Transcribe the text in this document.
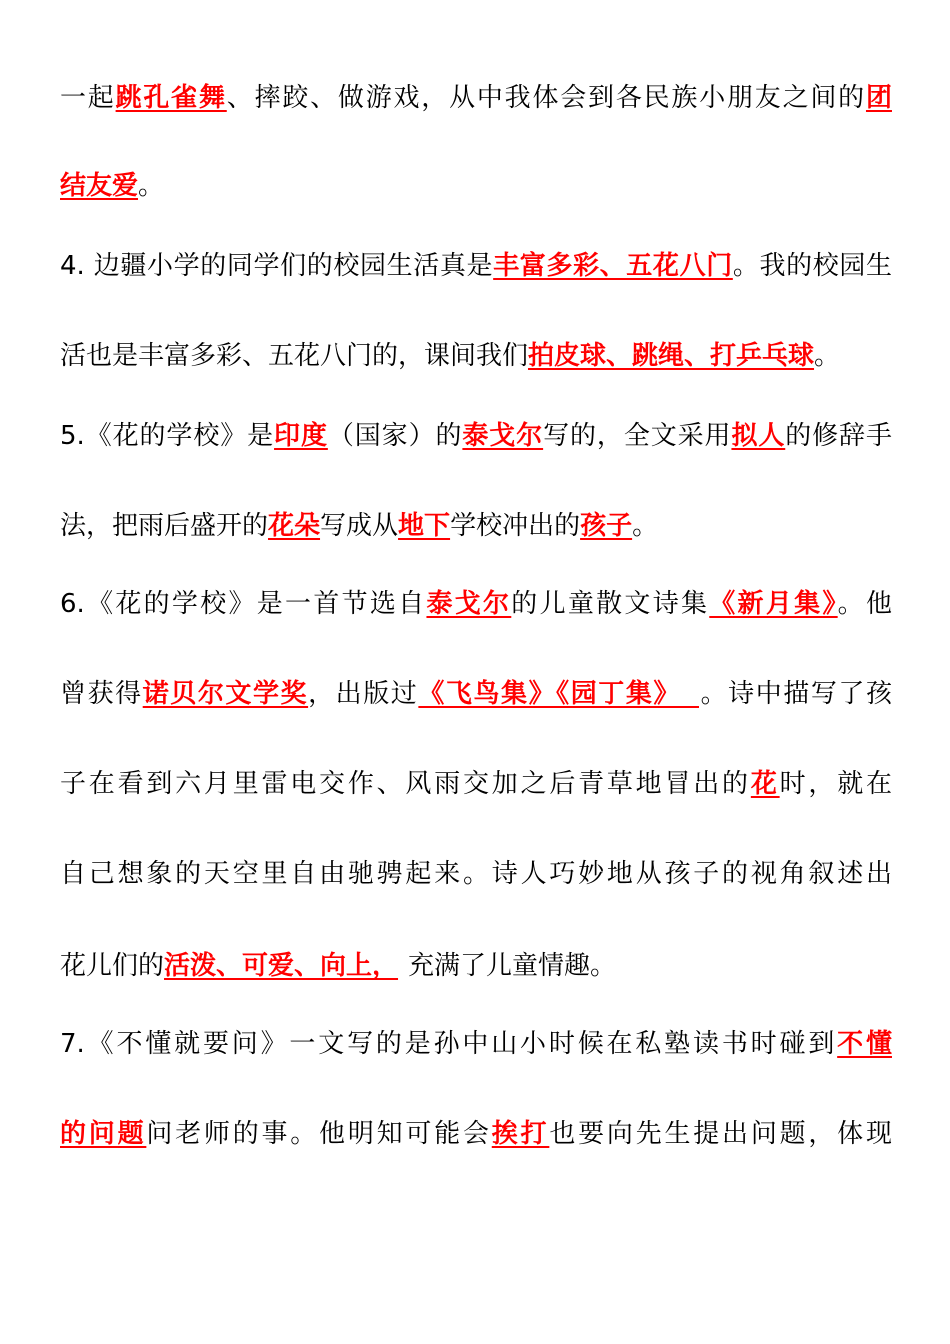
一起跳孔雀舞、摔跤、做游戏，从中我体会到各民族小朋友之间的团
结友爱。
4. 边疆小学的同学们的校园生活真是丰富多彩、五花八门。我的校园生
活也是丰富多彩、五花八门的，课间我们拍皮球、跳绳、打乒乓球。
5.《花的学校》是印度（国家）的泰戈尔写的，全文采用拟人的修辞手
法，把雨后盛开的花朵写成从地下学校冲出的孩子。
6.《花的学校》是一首节选自泰戈尔的儿童散文诗集《新月集》。他
曾获得诺贝尔文学奖，出版过《飞鸟集》《园丁集》 。诗中描写了孩
子在看到六月里雷电交作、风雨交加之后青草地冒出的花时，就在
自己想象的天空里自由驰骋起来。诗人巧妙地从孩子的视角叙述出
花儿们的活泼、可爱、向上， 充满了儿童情趣。
7.《不懂就要问》一文写的是孙中山小时候在私塾读书时碰到不懂
的问题问老师的事。他明知可能会挨打也要向先生提出问题，体现
